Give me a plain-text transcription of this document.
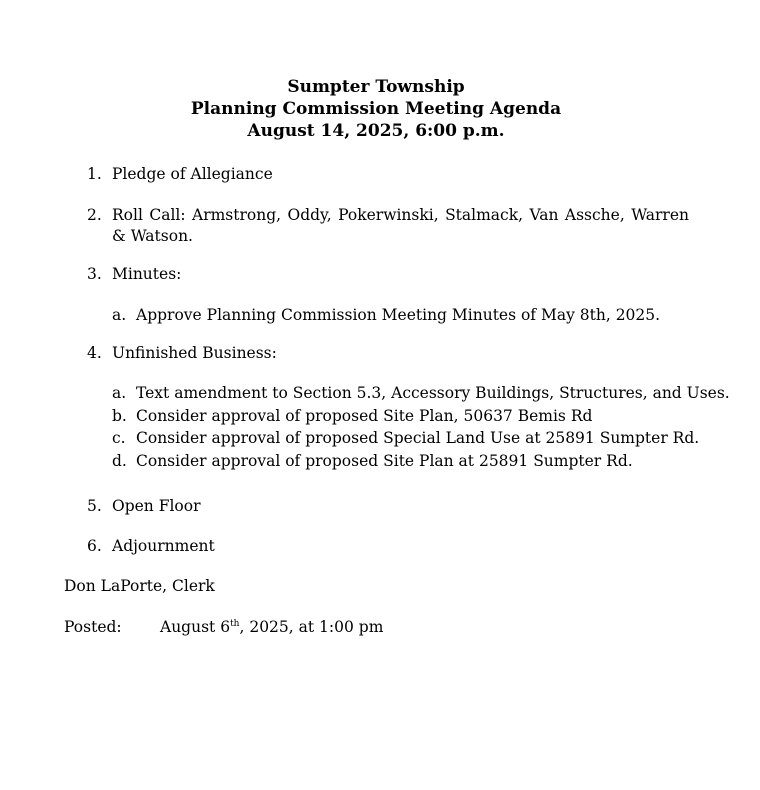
Sumpter Township
Planning Commission Meeting Agenda
August 14, 2025, 6:00 p.m.
1. Pledge of Allegiance
2. Roll Call: Armstrong, Oddy, Pokerwinski, Stalmack, Van Assche, Warren & Watson.
3. Minutes:
a. Approve Planning Commission Meeting Minutes of May 8th, 2025.
4. Unfinished Business:
a. Text amendment to Section 5.3, Accessory Buildings, Structures, and Uses.
b. Consider approval of proposed Site Plan, 50637 Bemis Rd
c. Consider approval of proposed Special Land Use at 25891 Sumpter Rd.
d. Consider approval of proposed Site Plan at 25891 Sumpter Rd.
5. Open Floor
6. Adjournment
Don LaPorte, Clerk
Posted: August 6th, 2025, at 1:00 pm
